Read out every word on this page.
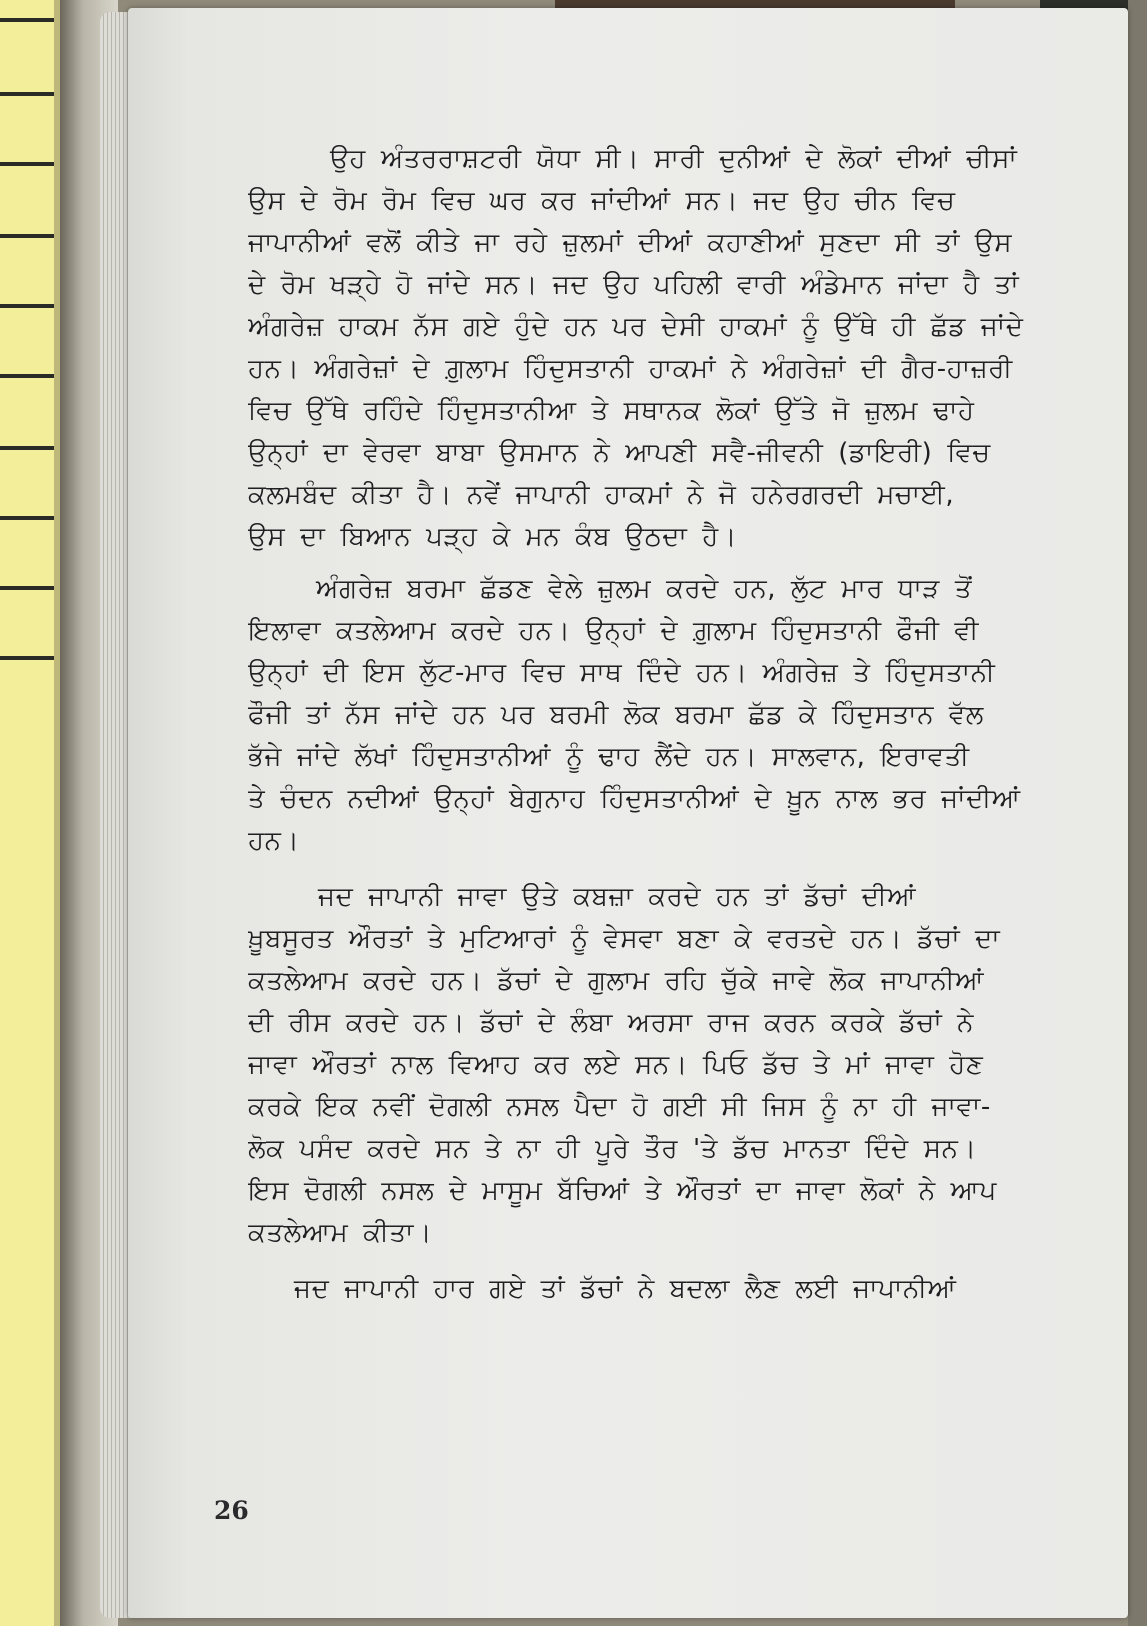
ਉਹ ਅੰਤਰਰਾਸ਼ਟਰੀ ਯੋਧਾ ਸੀ। ਸਾਰੀ ਦੁਨੀਆਂ ਦੇ ਲੋਕਾਂ ਦੀਆਂ ਚੀਸਾਂ
ਉਸ ਦੇ ਰੋਮ ਰੋਮ ਵਿਚ ਘਰ ਕਰ ਜਾਂਦੀਆਂ ਸਨ। ਜਦ ਉਹ ਚੀਨ ਵਿਚ
ਜਾਪਾਨੀਆਂ ਵਲੋਂ ਕੀਤੇ ਜਾ ਰਹੇ ਜ਼ੁਲਮਾਂ ਦੀਆਂ ਕਹਾਣੀਆਂ ਸੁਣਦਾ ਸੀ ਤਾਂ ਉਸ
ਦੇ ਰੋਮ ਖੜ੍ਹੇ ਹੋ ਜਾਂਦੇ ਸਨ। ਜਦ ਉਹ ਪਹਿਲੀ ਵਾਰੀ ਅੰਡੇਮਾਨ ਜਾਂਦਾ ਹੈ ਤਾਂ
ਅੰਗਰੇਜ਼ ਹਾਕਮ ਨੱਸ ਗਏ ਹੁੰਦੇ ਹਨ ਪਰ ਦੇਸੀ ਹਾਕਮਾਂ ਨੂੰ ਉੱਥੇ ਹੀ ਛੱਡ ਜਾਂਦੇ
ਹਨ। ਅੰਗਰੇਜ਼ਾਂ ਦੇ ਗ਼ੁਲਾਮ ਹਿੰਦੁਸਤਾਨੀ ਹਾਕਮਾਂ ਨੇ ਅੰਗਰੇਜ਼ਾਂ ਦੀ ਗੈਰ-ਹਾਜ਼ਰੀ
ਵਿਚ ਉੱਥੇ ਰਹਿੰਦੇ ਹਿੰਦੁਸਤਾਨੀਆ ਤੇ ਸਥਾਨਕ ਲੋਕਾਂ ਉੱਤੇ ਜੋ ਜ਼ੁਲਮ ਢਾਹੇ
ਉਨ੍ਹਾਂ ਦਾ ਵੇਰਵਾ ਬਾਬਾ ਉਸਮਾਨ ਨੇ ਆਪਣੀ ਸਵੈ-ਜੀਵਨੀ (ਡਾਇਰੀ) ਵਿਚ
ਕਲਮਬੰਦ ਕੀਤਾ ਹੈ। ਨਵੇਂ ਜਾਪਾਨੀ ਹਾਕਮਾਂ ਨੇ ਜੋ ਹਨੇਰਗਰਦੀ ਮਚਾਈ,
ਉਸ ਦਾ ਬਿਆਨ ਪੜ੍ਹ ਕੇ ਮਨ ਕੰਬ ਉਠਦਾ ਹੈ।
ਅੰਗਰੇਜ਼ ਬਰਮਾ ਛੱਡਣ ਵੇਲੇ ਜ਼ੁਲਮ ਕਰਦੇ ਹਨ, ਲੁੱਟ ਮਾਰ ਧਾੜ ਤੋਂ
ਇਲਾਵਾ ਕਤਲੇਆਮ ਕਰਦੇ ਹਨ। ਉਨ੍ਹਾਂ ਦੇ ਗ਼ੁਲਾਮ ਹਿੰਦੁਸਤਾਨੀ ਫੌਜੀ ਵੀ
ਉਨ੍ਹਾਂ ਦੀ ਇਸ ਲੁੱਟ-ਮਾਰ ਵਿਚ ਸਾਥ ਦਿੰਦੇ ਹਨ। ਅੰਗਰੇਜ਼ ਤੇ ਹਿੰਦੁਸਤਾਨੀ
ਫੌਜੀ ਤਾਂ ਨੱਸ ਜਾਂਦੇ ਹਨ ਪਰ ਬਰਮੀ ਲੋਕ ਬਰਮਾ ਛੱਡ ਕੇ ਹਿੰਦੁਸਤਾਨ ਵੱਲ
ਭੱਜੇ ਜਾਂਦੇ ਲੱਖਾਂ ਹਿੰਦੁਸਤਾਨੀਆਂ ਨੂੰ ਢਾਹ ਲੈਂਦੇ ਹਨ। ਸਾਲਵਾਨ, ਇਰਾਵਤੀ
ਤੇ ਚੰਦਨ ਨਦੀਆਂ ਉਨ੍ਹਾਂ ਬੇਗੁਨਾਹ ਹਿੰਦੁਸਤਾਨੀਆਂ ਦੇ ਖ਼ੂਨ ਨਾਲ ਭਰ ਜਾਂਦੀਆਂ
ਹਨ।
ਜਦ ਜਾਪਾਨੀ ਜਾਵਾ ਉਤੇ ਕਬਜ਼ਾ ਕਰਦੇ ਹਨ ਤਾਂ ਡੱਚਾਂ ਦੀਆਂ
ਖ਼ੂਬਸੂਰਤ ਔਰਤਾਂ ਤੇ ਮੁਟਿਆਰਾਂ ਨੂੰ ਵੇਸਵਾ ਬਣਾ ਕੇ ਵਰਤਦੇ ਹਨ। ਡੱਚਾਂ ਦਾ
ਕਤਲੇਆਮ ਕਰਦੇ ਹਨ। ਡੱਚਾਂ ਦੇ ਗੁਲਾਮ ਰਹਿ ਚੁੱਕੇ ਜਾਵੇ ਲੋਕ ਜਾਪਾਨੀਆਂ
ਦੀ ਰੀਸ ਕਰਦੇ ਹਨ। ਡੱਚਾਂ ਦੇ ਲੰਬਾ ਅਰਸਾ ਰਾਜ ਕਰਨ ਕਰਕੇ ਡੱਚਾਂ ਨੇ
ਜਾਵਾ ਔਰਤਾਂ ਨਾਲ ਵਿਆਹ ਕਰ ਲਏ ਸਨ। ਪਿਓ ਡੱਚ ਤੇ ਮਾਂ ਜਾਵਾ ਹੋਣ
ਕਰਕੇ ਇਕ ਨਵੀਂ ਦੋਗਲੀ ਨਸਲ ਪੈਦਾ ਹੋ ਗਈ ਸੀ ਜਿਸ ਨੂੰ ਨਾ ਹੀ ਜਾਵਾ-
ਲੋਕ ਪਸੰਦ ਕਰਦੇ ਸਨ ਤੇ ਨਾ ਹੀ ਪੂਰੇ ਤੌਰ 'ਤੇ ਡੱਚ ਮਾਨਤਾ ਦਿੰਦੇ ਸਨ।
ਇਸ ਦੋਗਲੀ ਨਸਲ ਦੇ ਮਾਸੂਮ ਬੱਚਿਆਂ ਤੇ ਔਰਤਾਂ ਦਾ ਜਾਵਾ ਲੋਕਾਂ ਨੇ ਆਪ
ਕਤਲੇਆਮ ਕੀਤਾ।
ਜਦ ਜਾਪਾਨੀ ਹਾਰ ਗਏ ਤਾਂ ਡੱਚਾਂ ਨੇ ਬਦਲਾ ਲੈਣ ਲਈ ਜਾਪਾਨੀਆਂ
26
